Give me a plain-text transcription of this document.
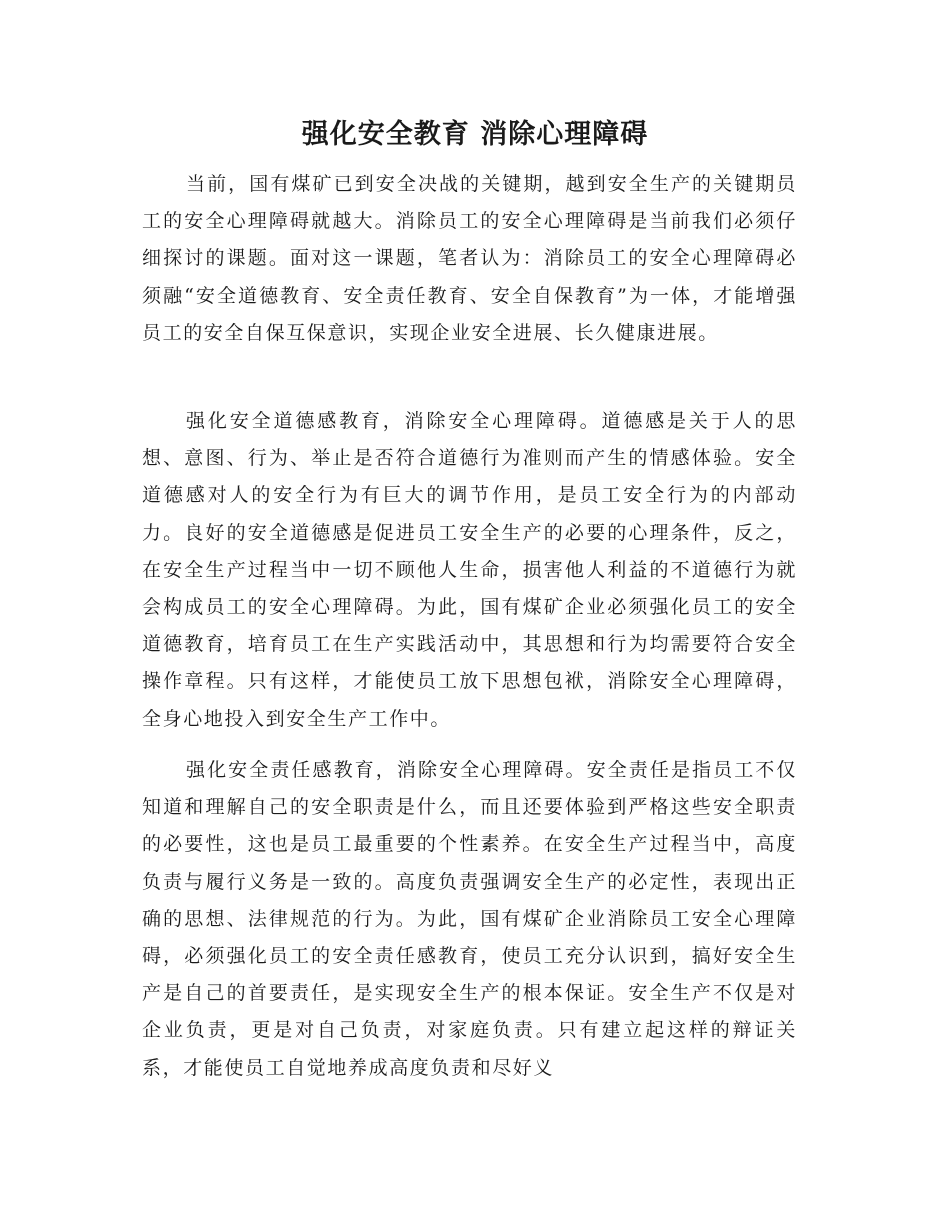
强化安全教育 消除心理障碍

当前，国有煤矿已到安全决战的关键期，越到安全生产的关键期员工的安全心理障碍就越大。消除员工的安全心理障碍是当前我们必须仔细探讨的课题。面对这一课题，笔者认为：消除员工的安全心理障碍必须融“安全道德教育、安全责任教育、安全自保教育”为一体，才能增强员工的安全自保互保意识，实现企业安全进展、长久健康进展。

强化安全道德感教育，消除安全心理障碍。道德感是关于人的思想、意图、行为、举止是否符合道德行为准则而产生的情感体验。安全道德感对人的安全行为有巨大的调节作用，是员工安全行为的内部动力。良好的安全道德感是促进员工安全生产的必要的心理条件，反之，在安全生产过程当中一切不顾他人生命，损害他人利益的不道德行为就会构成员工的安全心理障碍。为此，国有煤矿企业必须强化员工的安全道德教育，培育员工在生产实践活动中，其思想和行为均需要符合安全操作章程。只有这样，才能使员工放下思想包袱，消除安全心理障碍，全身心地投入到安全生产工作中。

强化安全责任感教育，消除安全心理障碍。安全责任是指员工不仅知道和理解自己的安全职责是什么，而且还要体验到严格这些安全职责的必要性，这也是员工最重要的个性素养。在安全生产过程当中，高度负责与履行义务是一致的。高度负责强调安全生产的必定性，表现出正确的思想、法律规范的行为。为此，国有煤矿企业消除员工安全心理障碍，必须强化员工的安全责任感教育，使员工充分认识到，搞好安全生产是自己的首要责任，是实现安全生产的根本保证。安全生产不仅是对企业负责，更是对自己负责，对家庭负责。只有建立起这样的辩证关系，才能使员工自觉地养成高度负责和尽好义
